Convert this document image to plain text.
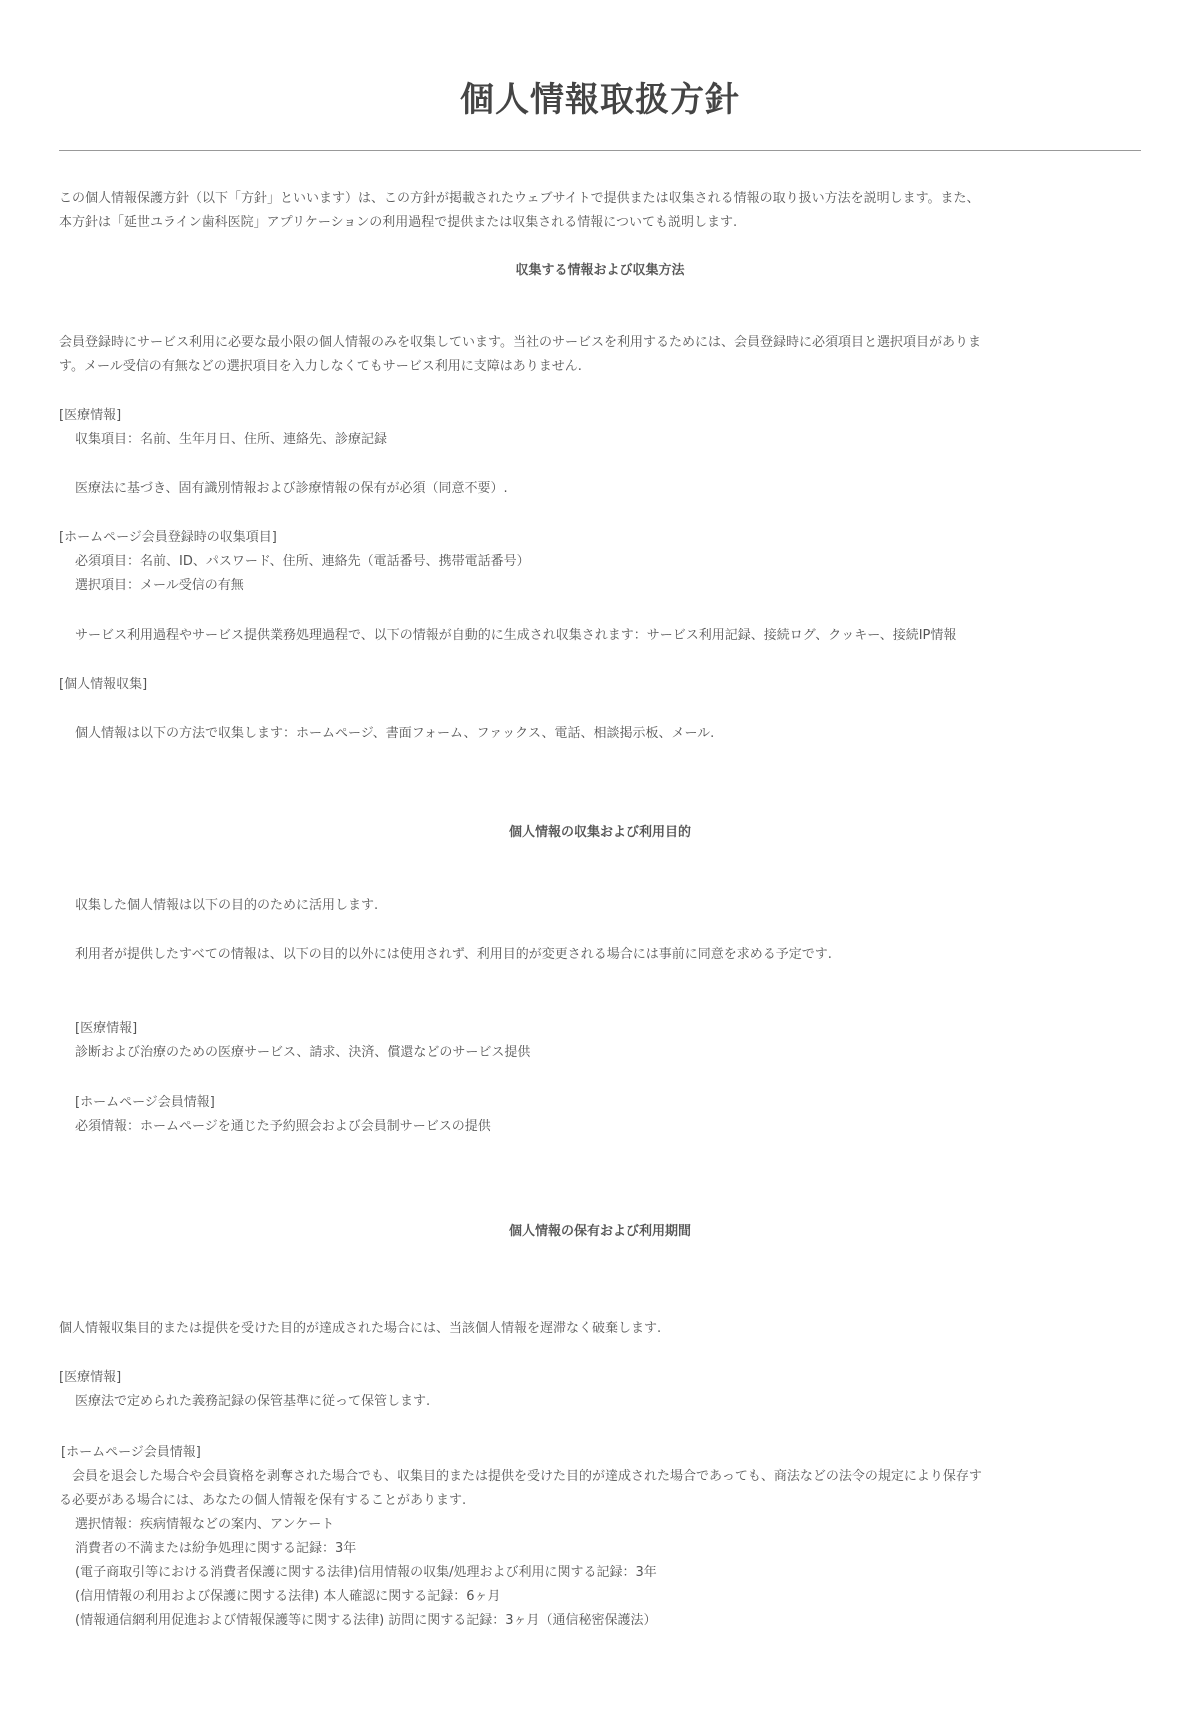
個人情報取扱方針
この個人情報保護方針（以下「方針」といいます）は、この方針が掲載されたウェブサイトで提供または収集される情報の取り扱い方法を説明します。また、
本方針は「延世ユライン歯科医院」アプリケーションの利用過程で提供または収集される情報についても説明します.
収集する情報および収集方法
会員登録時にサービス利用に必要な最小限の個人情報のみを収集しています。当社のサービスを利用するためには、会員登録時に必須項目と選択項目がありま
す。メール受信の有無などの選択項目を入力しなくてもサービス利用に支障はありません.
[医療情報]
収集項目：名前、生年月日、住所、連絡先、診療記録
医療法に基づき、固有識別情報および診療情報の保有が必須（同意不要）.
[ホームページ会員登録時の収集項目]
必須項目：名前、ID、パスワード、住所、連絡先（電話番号、携帯電話番号）
選択項目：メール受信の有無
サービス利用過程やサービス提供業務処理過程で、以下の情報が自動的に生成され収集されます：サービス利用記録、接続ログ、クッキー、接続IP情報
[個人情報収集]
個人情報は以下の方法で収集します：ホームページ、書面フォーム、ファックス、電話、相談掲示板、メール.
個人情報の収集および利用目的
収集した個人情報は以下の目的のために活用します.
利用者が提供したすべての情報は、以下の目的以外には使用されず、利用目的が変更される場合には事前に同意を求める予定です.
[医療情報]
診断および治療のための医療サービス、請求、決済、償還などのサービス提供
[ホームページ会員情報]
必須情報：ホームページを通じた予約照会および会員制サービスの提供
個人情報の保有および利用期間
個人情報収集目的または提供を受けた目的が達成された場合には、当該個人情報を遅滞なく破棄します.
[医療情報]
医療法で定められた義務記録の保管基準に従って保管します.
[ホームページ会員情報]
　会員を退会した場合や会員資格を剥奪された場合でも、収集目的または提供を受けた目的が達成された場合であっても、商法などの法令の規定により保存す
る必要がある場合には、あなたの個人情報を保有することがあります.
選択情報：疾病情報などの案内、アンケート
消費者の不満または紛争処理に関する記録：3年
(電子商取引等における消費者保護に関する法律)信用情報の収集/処理および利用に関する記録：3年
(信用情報の利用および保護に関する法律) 本人確認に関する記録：6ヶ月
(情報通信網利用促進および情報保護等に関する法律) 訪問に関する記録：3ヶ月（通信秘密保護法）
